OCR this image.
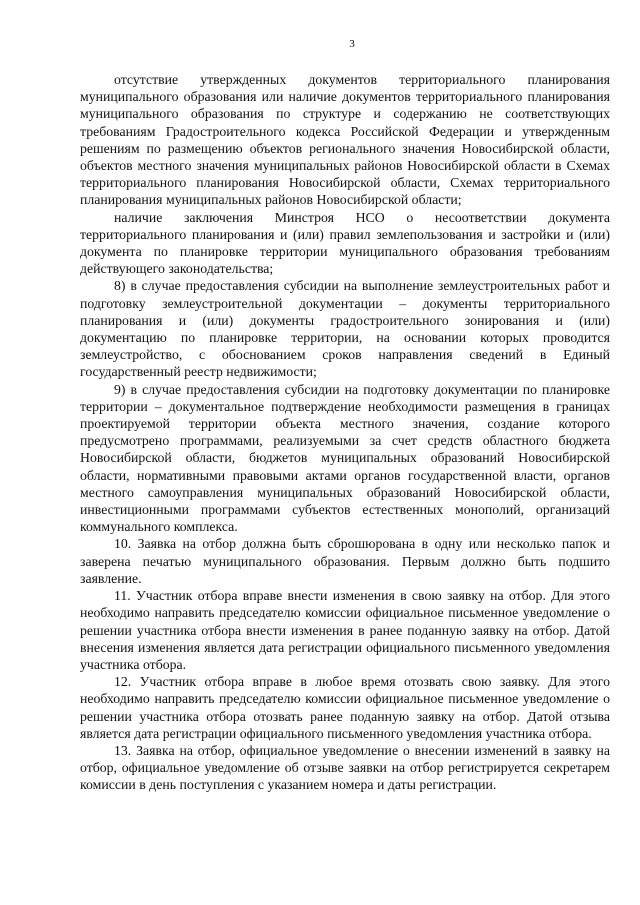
3

отсутствие утвержденных документов территориального планирования муниципального образования или наличие документов территориального планирования муниципального образования по структуре и содержанию не соответствующих требованиям Градостроительного кодекса Российской Федерации и утвержденным решениям по размещению объектов регионального значения Новосибирской области, объектов местного значения муниципальных районов Новосибирской области в Схемах территориального планирования Новосибирской области, Схемах территориального планирования муниципальных районов Новосибирской области;

наличие заключения Минстроя НСО о несоответствии документа территориального планирования и (или) правил землепользования и застройки и (или) документа по планировке территории муниципального образования требованиям действующего законодательства;

8) в случае предоставления субсидии на выполнение землеустроительных работ и подготовку землеустроительной документации – документы территориального планирования и (или) документы градостроительного зонирования и (или) документацию по планировке территории, на основании которых проводится землеустройство, с обоснованием сроков направления сведений в Единый государственный реестр недвижимости;

9) в случае предоставления субсидии на подготовку документации по планировке территории – документальное подтверждение необходимости размещения в границах проектируемой территории объекта местного значения, создание которого предусмотрено программами, реализуемыми за счет средств областного бюджета Новосибирской области, бюджетов муниципальных образований Новосибирской области, нормативными правовыми актами органов государственной власти, органов местного самоуправления муниципальных образований Новосибирской области, инвестиционными программами субъектов естественных монополий, организаций коммунального комплекса.

10. Заявка на отбор должна быть сброшюрована в одну или несколько папок и заверена печатью муниципального образования. Первым должно быть подшито заявление.

11. Участник отбора вправе внести изменения в свою заявку на отбор. Для этого необходимо направить председателю комиссии официальное письменное уведомление о решении участника отбора внести изменения в ранее поданную заявку на отбор. Датой внесения изменения является дата регистрации официального письменного уведомления участника отбора.

12. Участник отбора вправе в любое время отозвать свою заявку. Для этого необходимо направить председателю комиссии официальное письменное уведомление о решении участника отбора отозвать ранее поданную заявку на отбор. Датой отзыва является дата регистрации официального письменного уведомления участника отбора.

13. Заявка на отбор, официальное уведомление о внесении изменений в заявку на отбор, официальное уведомление об отзыве заявки на отбор регистрируется секретарем комиссии в день поступления с указанием номера и даты регистрации.
